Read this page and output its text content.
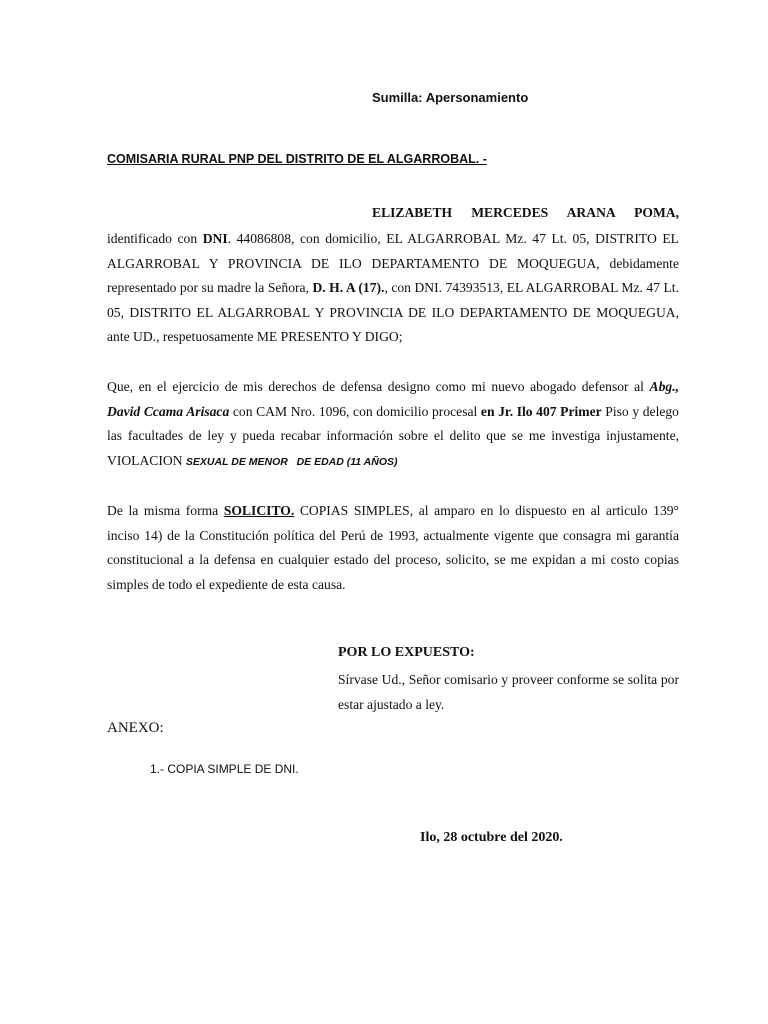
Sumilla: Apersonamiento
COMISARIA RURAL PNP DEL DISTRITO DE EL ALGARROBAL. -
ELIZABETH MERCEDES ARANA POMA,
identificado con DNI. 44086808, con domicilio, EL ALGARROBAL Mz. 47 Lt. 05, DISTRITO EL ALGARROBAL Y PROVINCIA DE ILO DEPARTAMENTO DE MOQUEGUA, debidamente representado por su madre la Señora, D. H. A (17)., con DNI. 74393513, EL ALGARROBAL Mz. 47 Lt. 05, DISTRITO EL ALGARROBAL Y PROVINCIA DE ILO DEPARTAMENTO DE MOQUEGUA, ante UD., respetuosamente ME PRESENTO Y DIGO;
Que, en el ejercicio de mis derechos de defensa designo como mi nuevo abogado defensor al Abg., David Ccama Arisaca con CAM Nro. 1096, con domicilio procesal en Jr. Ilo 407 Primer Piso y delego las facultades de ley y pueda recabar información sobre el delito que se me investiga injustamente, VIOLACION SEXUAL DE MENOR   DE EDAD (11 AÑOS)
De la misma forma SOLICITO. COPIAS SIMPLES, al amparo en lo dispuesto en al articulo 139° inciso 14) de la Constitución política del Perú de 1993, actualmente vigente que consagra mi garantía constitucional a la defensa en cualquier estado del proceso, solicito, se me expidan a mi costo copias simples de todo el expediente de esta causa.
POR LO EXPUESTO:
Sírvase Ud., Señor comisario y proveer conforme se solita por estar ajustado a ley.
ANEXO:
1.- COPIA SIMPLE DE DNI.
Ilo, 28 octubre del 2020.
